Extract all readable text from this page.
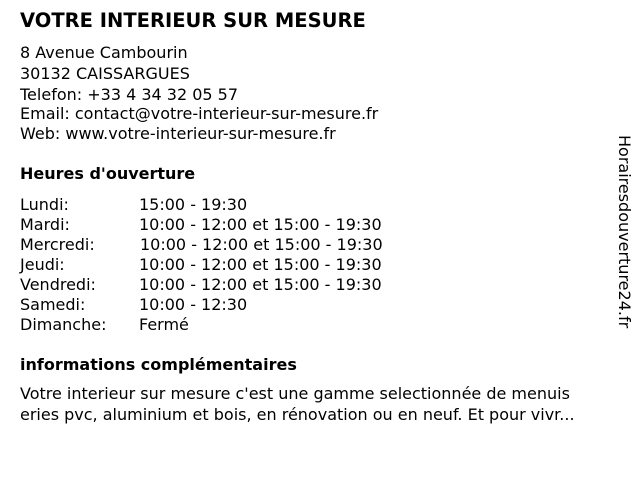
VOTRE INTERIEUR SUR MESURE
8 Avenue Cambourin
30132 CAISSARGUES
Telefon: +33 4 34 32 05 57
Email: contact@votre-interieur-sur-mesure.fr
Web: www.votre-interieur-sur-mesure.fr
Heures d'ouverture
Lundi:	15:00 - 19:30
Mardi:	10:00 - 12:00 et 15:00 - 19:30
Mercredi:	10:00 - 12:00 et 15:00 - 19:30
Jeudi:	10:00 - 12:00 et 15:00 - 19:30
Vendredi:	10:00 - 12:00 et 15:00 - 19:30
Samedi:	10:00 - 12:30
Dimanche: Fermé
informations complémentaires
Votre interieur sur mesure c'est une gamme selectionnée de menuis
eries pvc, aluminium et bois, en rénovation ou en neuf. Et pour vivr...
Horairesdouverture24.fr
